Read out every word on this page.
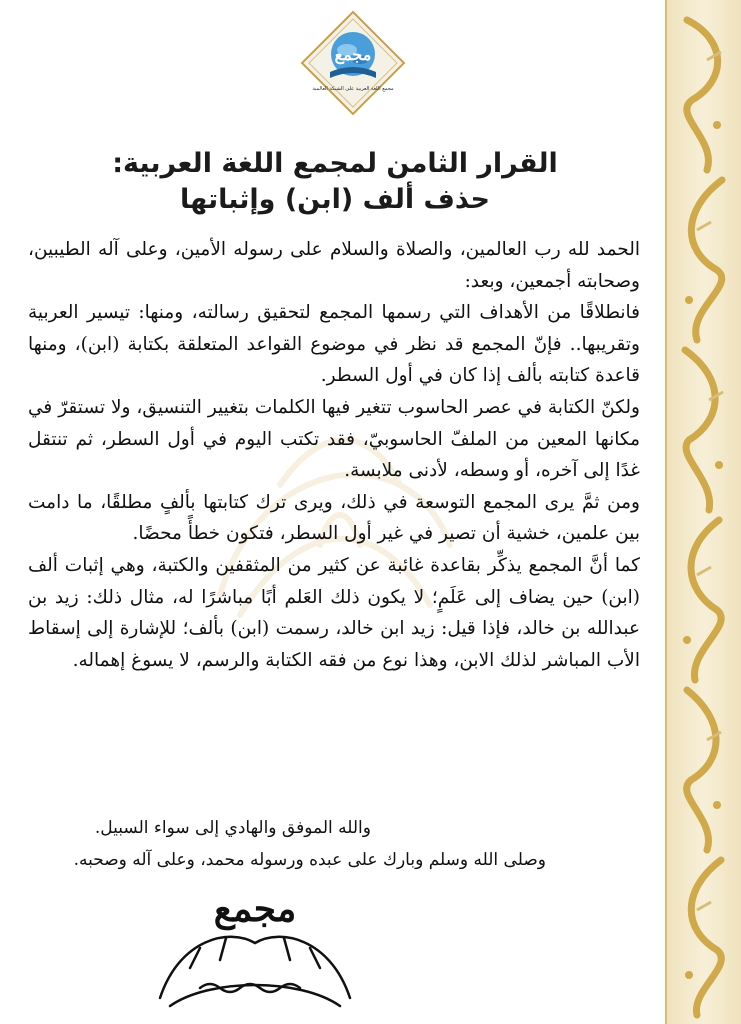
مجمع
مجمع اللغة العربية على الشبكة العالمية
القرار الثامن لمجمع اللغة العربية:
حذف ألف (ابن) وإثباتها

الحمد لله رب العالمين، والصلاة والسلام على رسوله الأمين، وعلى آله الطيبين، وصحابته أجمعين، وبعد:

فانطلاقًا من الأهداف التي رسمها المجمع لتحقيق رسالته، ومنها: تيسير العربية وتقريبها.. فإنّ المجمع قد نظر في موضوع القواعد المتعلقة بكتابة (ابن)، ومنها قاعدة كتابته بألف إذا كان في أول السطر.

ولكنّ الكتابة في عصر الحاسوب تتغير فيها الكلمات بتغيير التنسيق، ولا تستقرّ في مكانها المعين من الملفّ الحاسوبيّ، فقد تكتب اليوم في أول السطر، ثم تنتقل غدًا إلى آخره، أو وسطه، لأدنى ملابسة.

ومن ثمَّ يرى المجمع التوسعة في ذلك، ويرى ترك كتابتها بألفٍ مطلقًا، ما دامت بين علمين، خشية أن تصير في غير أول السطر، فتكون خطأً محضًا.

كما أنَّ المجمع يذكِّر بقاعدة غائبة عن كثير من المثقفين والكتبة، وهي إثبات ألف (ابن) حين يضاف إلى عَلَمٍ؛ لا يكون ذلك العَلم أبًا مباشرًا له، مثال ذلك: زيد بن عبدالله بن خالد، فإذا قيل: زيد ابن خالد، رسمت (ابن) بألف؛ للإشارة إلى إسقاط الأب المباشر لذلك الابن، وهذا نوع من فقه الكتابة والرسم، لا يسوغ إهماله.

والله الموفق والهادي إلى سواء السبيل.
وصلى الله وسلم وبارك على عبده ورسوله محمد، وعلى آله وصحبه.
مجمع
